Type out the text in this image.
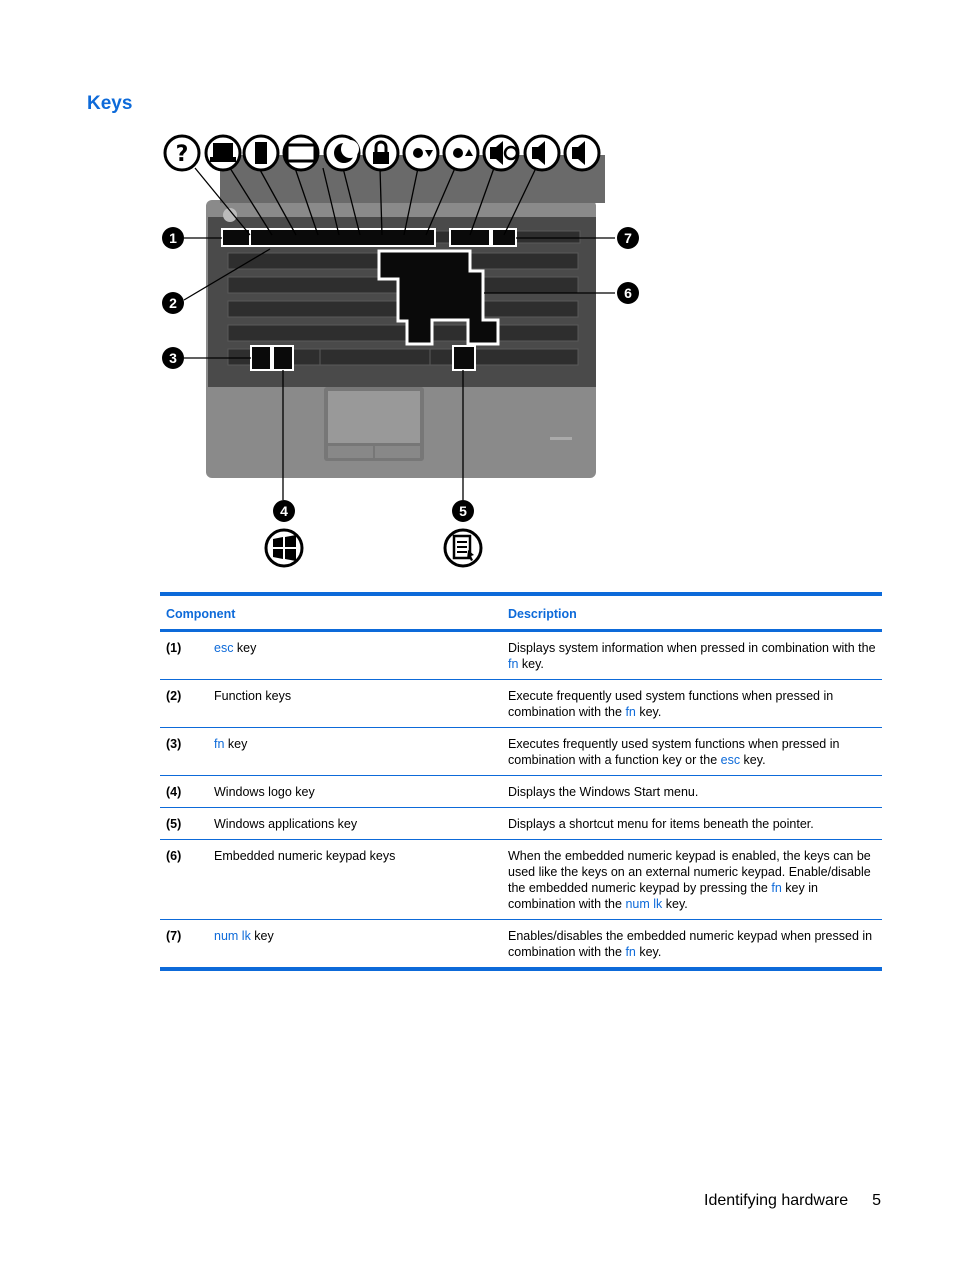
Keys
?
1
2
3
4	5
6
7
Component		Description
(1)	esc key	Displays system information when pressed in combination with the fn key.
(2)	Function keys	Execute frequently used system functions when pressed in combination with the fn key.
(3)	fn key	Executes frequently used system functions when pressed in combination with a function key or the esc key.
(4)	Windows logo key	Displays the Windows Start menu.
(5)	Windows applications key	Displays a shortcut menu for items beneath the pointer.
(6)	Embedded numeric keypad keys	When the embedded numeric keypad is enabled, the keys can be used like the keys on an external numeric keypad. Enable/disable the embedded numeric keypad by pressing the fn key in combination with the num lk key.
(7)	num lk key	Enables/disables the embedded numeric keypad when pressed in combination with the fn key.
Identifying hardware 5
